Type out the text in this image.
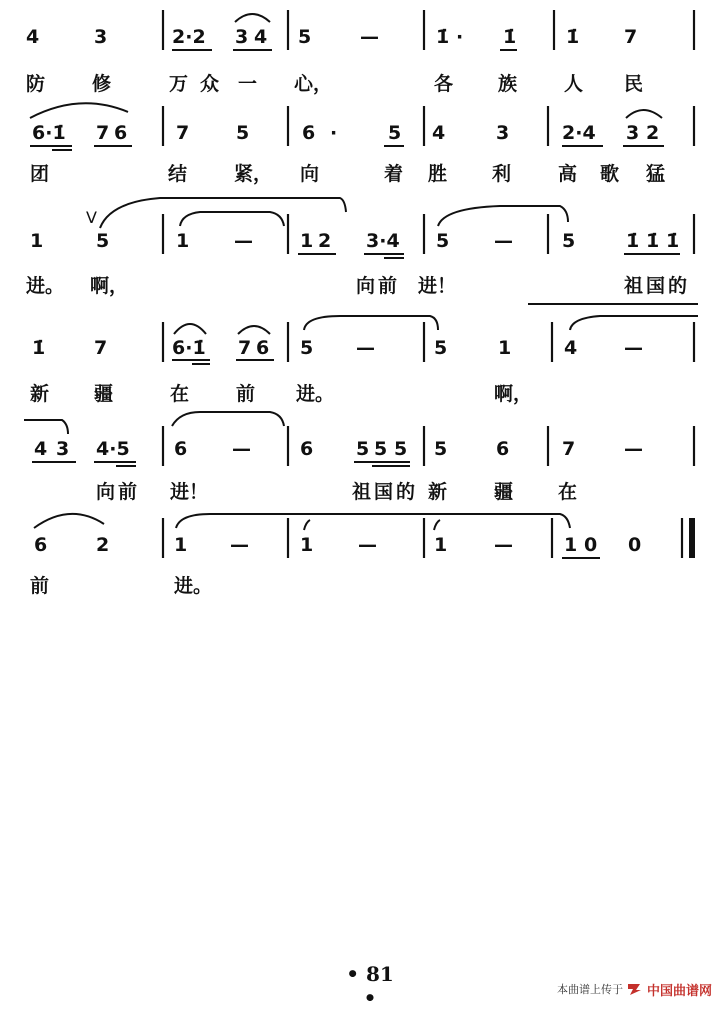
4	3	2·2 3 4 5	—	1̇ · 1̇	1̇ 7
防 修	万 众 一 心，	各 族 人 民
6·1̇ 7 6	7 5	6 ·	5 4	3	2·4 3 2
团	结 紧， 向	着 胜 利 高 歌 猛
V
1	5	1 — 1 2 3·4 5 —	5	1̇ 1̇ 1̇
进。 啊，	向 前 进！	祖 国 的
1̇	7	6·1̇ 7 6 5 —	5	1	4 —
新 疆	在 前 进。	啊，
4 3 4·5 6 —	6 5 5 5 5	6	7	—
向 前 进！	祖 国 的 新 疆 在
6	2	1 —	1 —	1 —	1 0 0
前	进。
• 81 •
本曲谱上传于 中国曲谱网
